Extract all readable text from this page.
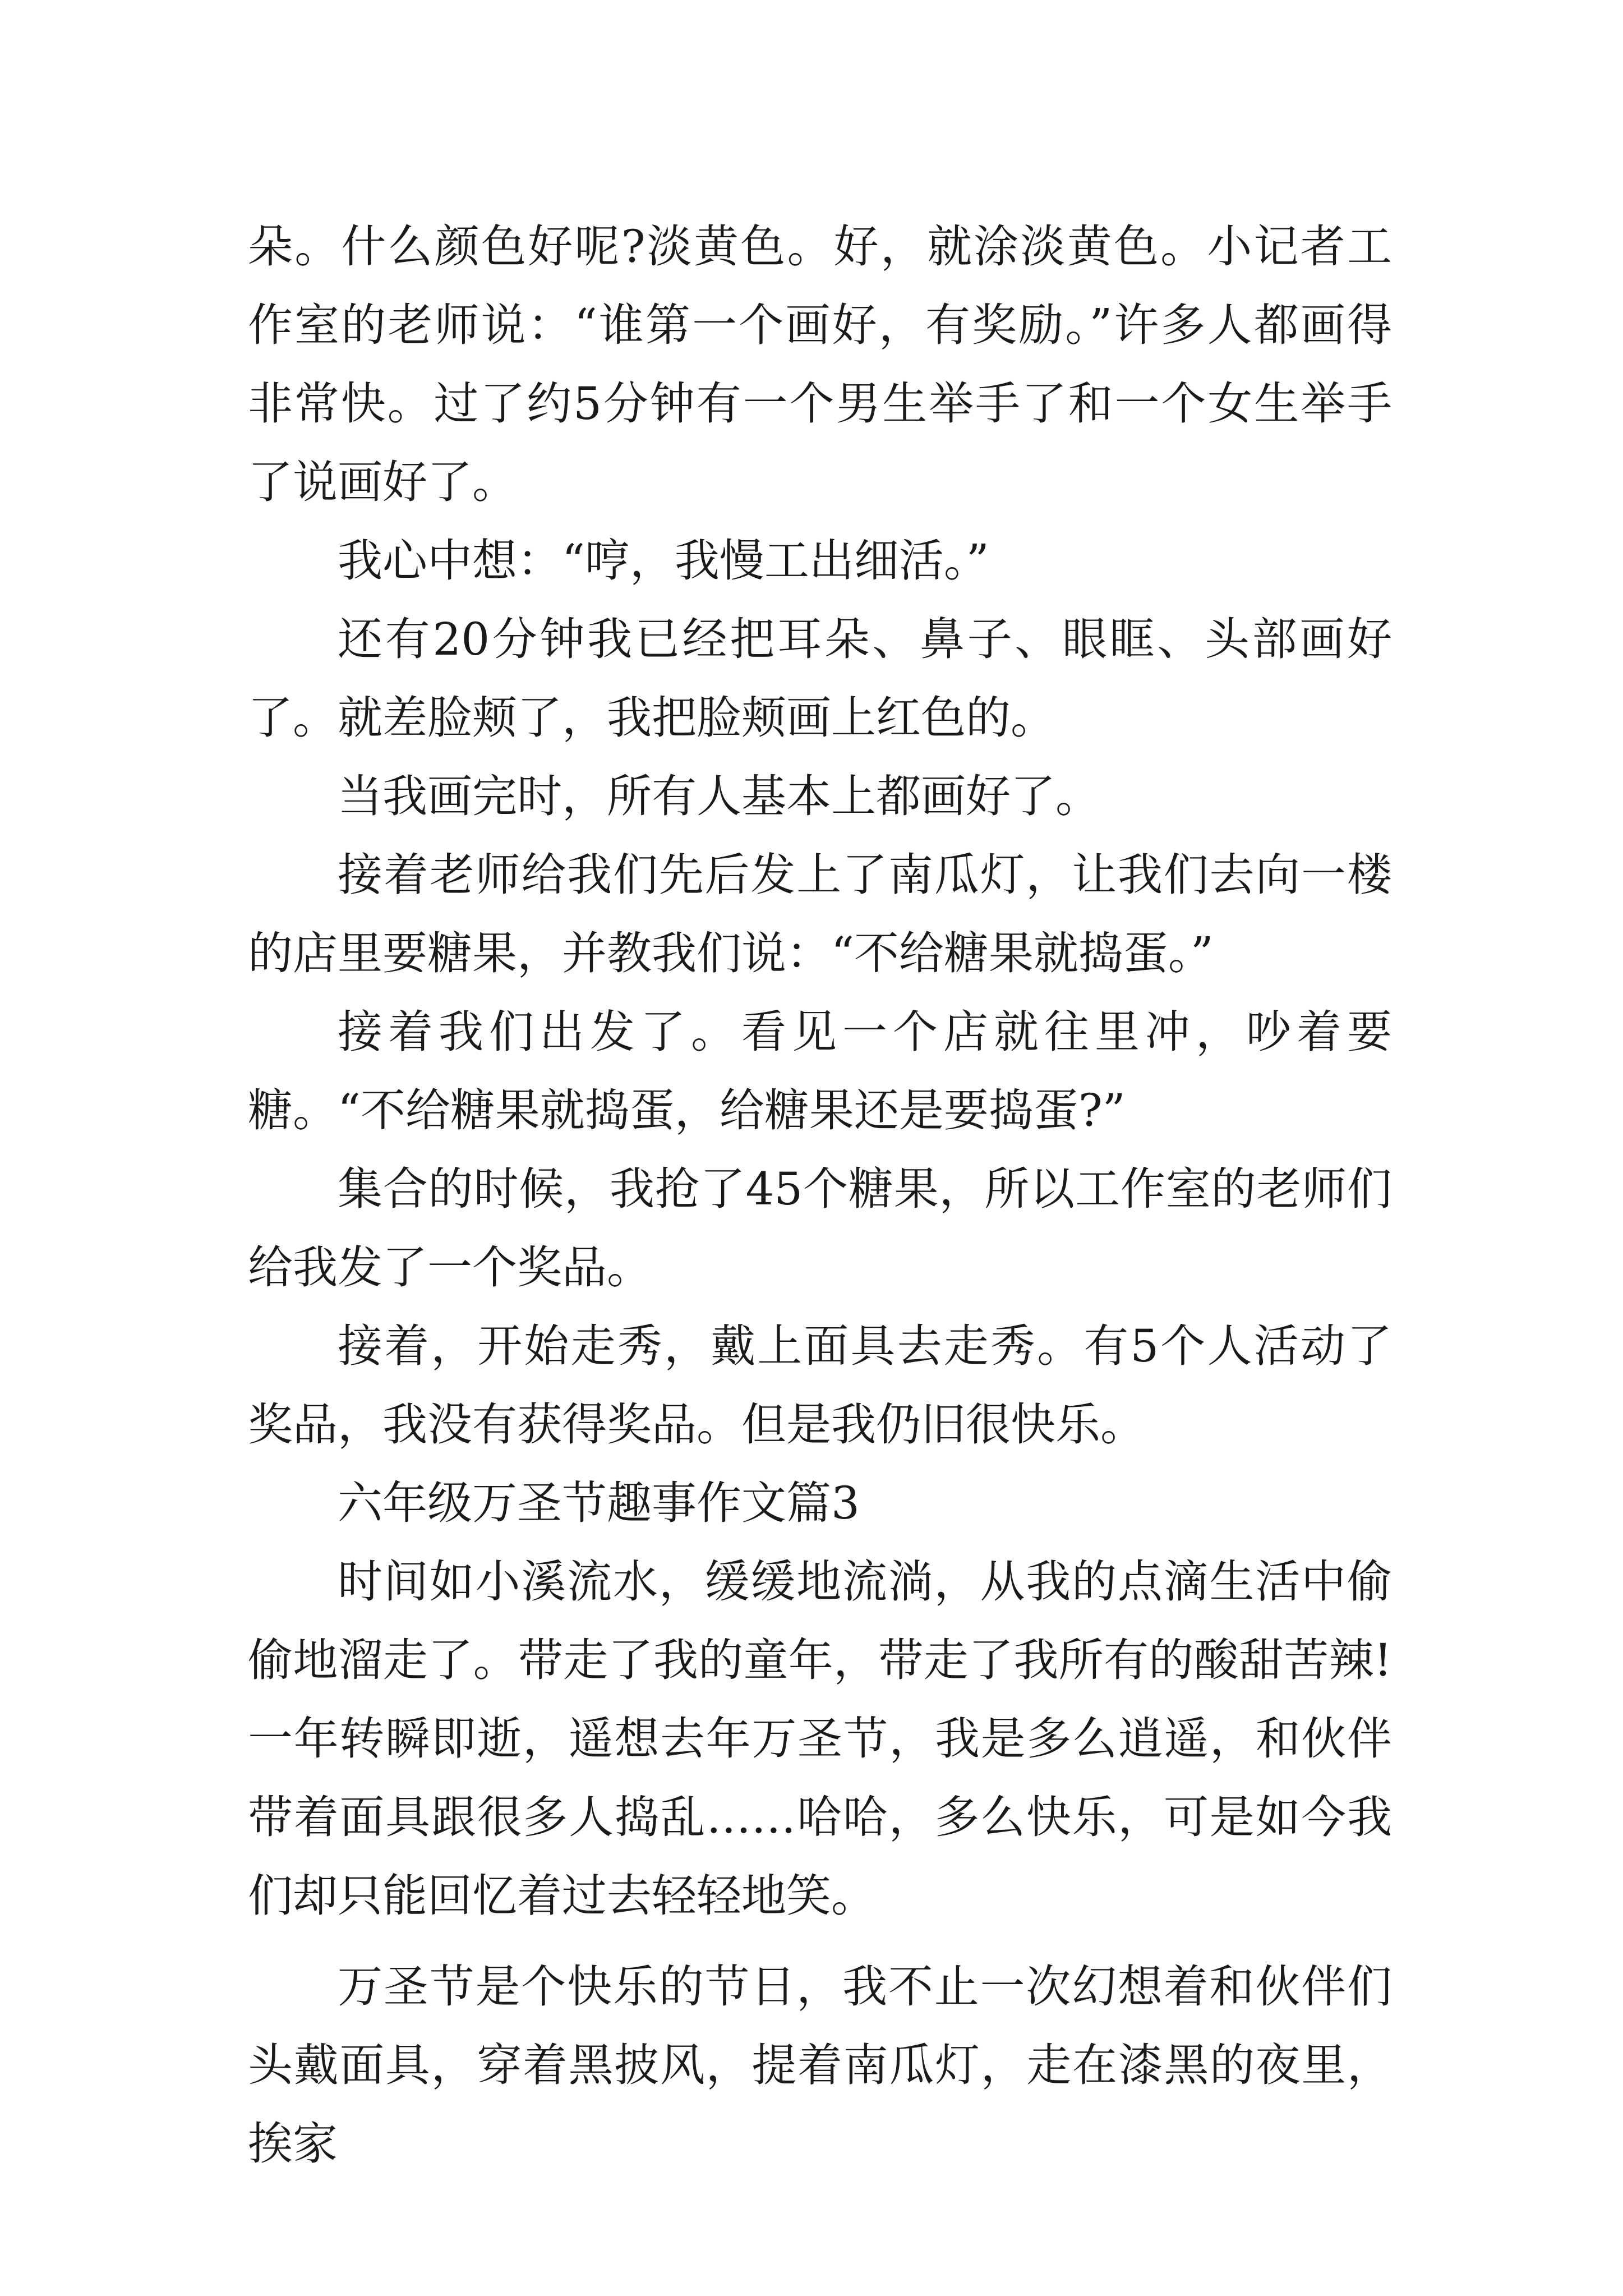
朵。什么颜色好呢?淡黄色。好，就涂淡黄色。小记者工作室的老师说：“谁第一个画好，有奖励。”许多人都画得非常快。过了约5分钟有一个男生举手了和一个女生举手了说画好了。

我心中想：“哼，我慢工出细活。”

还有20分钟我已经把耳朵、鼻子、眼眶、头部画好了。就差脸颊了，我把脸颊画上红色的。

当我画完时，所有人基本上都画好了。

接着老师给我们先后发上了南瓜灯，让我们去向一楼的店里要糖果，并教我们说：“不给糖果就捣蛋。”

接着我们出发了。看见一个店就往里冲，吵着要糖。“不给糖果就捣蛋，给糖果还是要捣蛋?”

集合的时候，我抢了45个糖果，所以工作室的老师们给我发了一个奖品。

接着，开始走秀，戴上面具去走秀。有5个人活动了奖品，我没有获得奖品。但是我仍旧很快乐。

六年级万圣节趣事作文篇3

时间如小溪流水，缓缓地流淌，从我的点滴生活中偷偷地溜走了。带走了我的童年，带走了我所有的酸甜苦辣!一年转瞬即逝，遥想去年万圣节，我是多么逍遥，和伙伴带着面具跟很多人捣乱……哈哈，多么快乐，可是如今我们却只能回忆着过去轻轻地笑。

万圣节是个快乐的节日，我不止一次幻想着和伙伴们头戴面具，穿着黑披风，提着南瓜灯，走在漆黑的夜里，挨家
